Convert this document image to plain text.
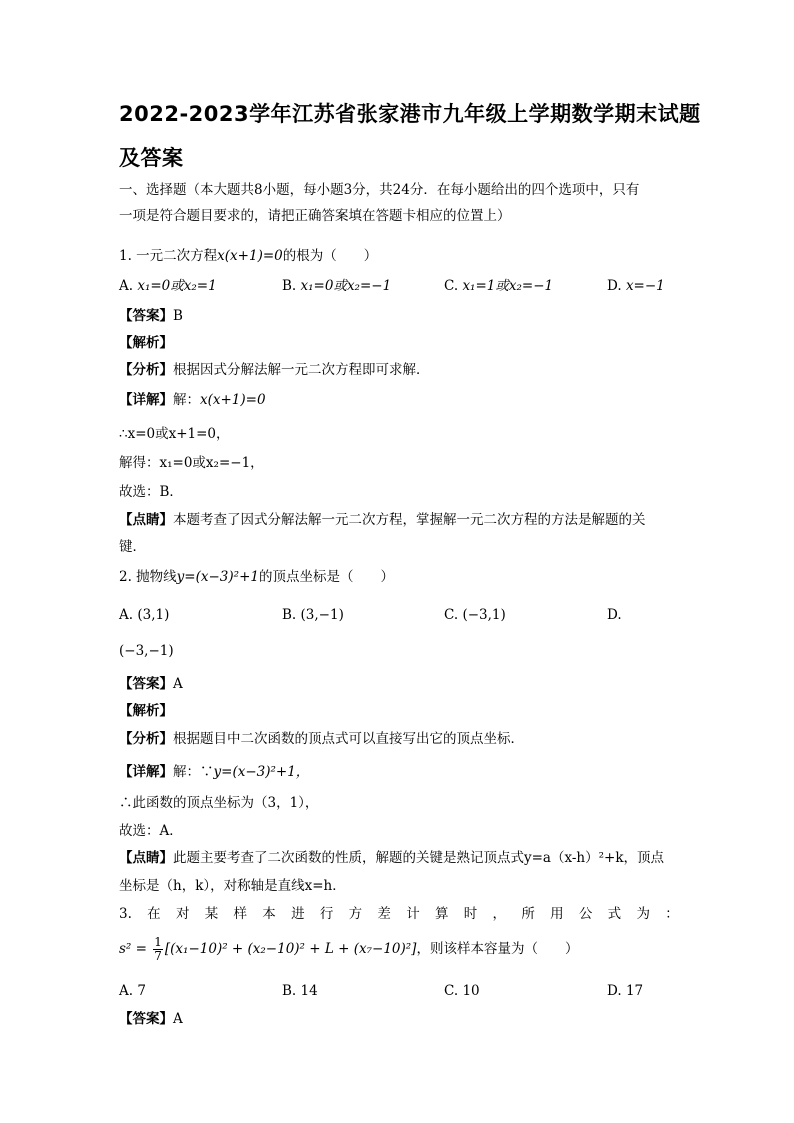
2022-2023学年江苏省张家港市九年级上学期数学期末试题
及答案
一、选择题（本大题共8小题，每小题3分，共24分．在每小题给出的四个选项中，只有
一项是符合题目要求的，请把正确答案填在答题卡相应的位置上）
1. 一元二次方程x(x+1)=0的根为（　　）
A. x₁=0或x₂=1	B. x₁=0或x₂=−1	C. x₁=1或x₂=−1	D. x=−1
【答案】B
【解析】
【分析】根据因式分解法解一元二次方程即可求解．
【详解】解：x(x+1)=0
∴x=0或x+1=0，
解得：x₁=0或x₂=−1，
故选：B．
【点睛】本题考查了因式分解法解一元二次方程，掌握解一元二次方程的方法是解题的关
键．
2. 抛物线y=(x−3)²+1的顶点坐标是（　　）
A. (3,1)	B. (3,−1)	C. (−3,1)	D.
(−3,−1)
【答案】A
【解析】
【分析】根据题目中二次函数的顶点式可以直接写出它的顶点坐标．
【详解】解：∵y=(x−3)²+1，
∴此函数的顶点坐标为（3，1），
故选：A．
【点睛】此题主要考查了二次函数的性质，解题的关键是熟记顶点式y=a（x-h）²+k，顶点
坐标是（h，k），对称轴是直线x=h．
3. 在 对 某 样 本 进 行 方 差 计 算 时 ， 所 用 公 式 为 ：
$s^2 = \frac{1}{7} [(x_1-10)^2 + (x_2-10)^2 + L + (x_7-10)^2]$，则该样本容量为（　　）
A. 7	B. 14	C. 10	D. 17
【答案】A
